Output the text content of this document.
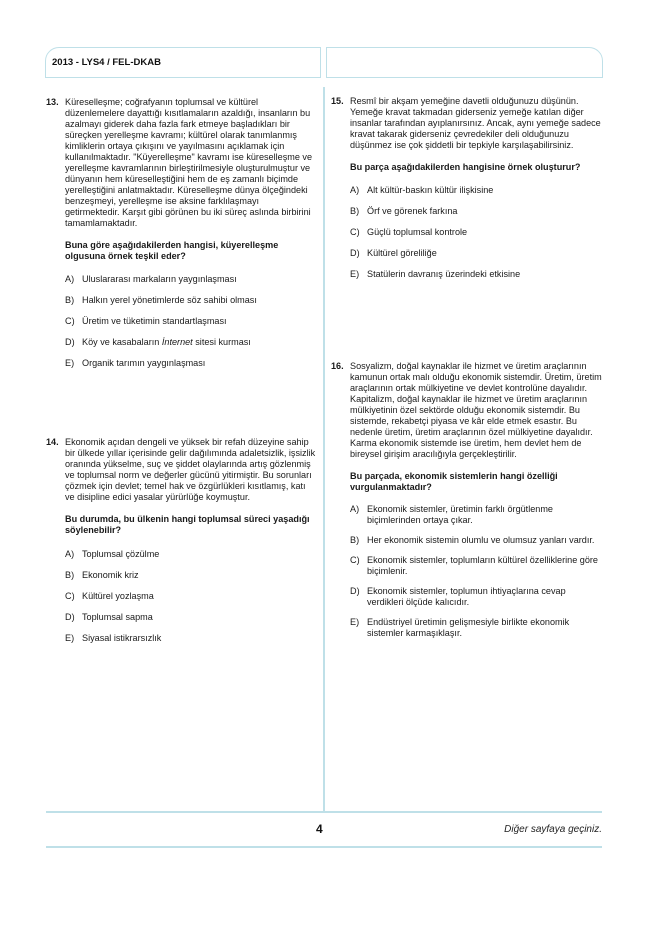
2013 - LYS4 / FEL-DKAB
13. Küreselleşme; coğrafyanın toplumsal ve kültürel düzenlemelere dayattığı kısıtlamaların azaldığı, insanların bu azalmayı giderek daha fazla fark etmeye başladıkları bir süreçken yerelleşme kavramı; kültürel olarak tanımlanmış kimliklerin ortaya çıkışını ve yayılmasını açıklamak için kullanılmaktadır. "Küyerelleşme" kavramı ise küreselleşme ve yerelleşme kavramlarının birleştirilmesiyle oluşturulmuştur ve dünyanın hem küreselleştiğini hem de eş zamanlı biçimde yerelleştiğini anlatmaktadır. Küreselleşme dünya ölçeğindeki benzeşmeyi, yerelleşme ise aksine farklılaşmayı getirmektedir. Karşıt gibi görünen bu iki süreç aslında birbirini tamamlamaktadır.

Buna göre aşağıdakilerden hangisi, küyerelleşme olgusuna örnek teşkil eder?

A) Uluslararası markaların yaygınlaşması
B) Halkın yerel yönetimlerde söz sahibi olması
C) Üretim ve tüketimin standartlaşması
D) Köy ve kasabaların İnternet sitesi kurması
E) Organik tarımın yaygınlaşması
14. Ekonomik açıdan dengeli ve yüksek bir refah düzeyine sahip bir ülkede yıllar içerisinde gelir dağılımında adaletsizlik, işsizlik oranında yükselme, suç ve şiddet olaylarında artış gözlenmiş ve toplumsal norm ve değerler gücünü yitirmiştir. Bu sorunları çözmek için devlet; temel hak ve özgürlükleri kısıtlamış, katı ve disipline edici yasalar yürürlüğe koymuştur.

Bu durumda, bu ülkenin hangi toplumsal süreci yaşadığı söylenebilir?

A) Toplumsal çözülme
B) Ekonomik kriz
C) Kültürel yozlaşma
D) Toplumsal sapma
E) Siyasal istikrarsızlık
15. Resmî bir akşam yemeğine davetli olduğunuzu düşünün. Yemeğe kravat takmadan giderseniz yemeğe katılan diğer insanlar tarafından ayıplanırsınız. Ancak, aynı yemeğe sadece kravat takarak giderseniz çevredekiler deli olduğunuzu düşünmez ise çok şiddetli bir tepkiyle karşılaşabilirsiniz.

Bu parça aşağıdakilerden hangisine örnek oluşturur?

A) Alt kültür-baskın kültür ilişkisine
B) Örf ve görenek farkına
C) Güçlü toplumsal kontrole
D) Kültürel göreliliğe
E) Statülerin davranış üzerindeki etkisine
16. Sosyalizm, doğal kaynaklar ile hizmet ve üretim araçlarının kamunun ortak malı olduğu ekonomik sistemdir. Üretim, üretim araçlarının ortak mülkiyetine ve devlet kontrolüne dayalıdır. Kapitalizm, doğal kaynaklar ile hizmet ve üretim araçlarının mülkiyetinin özel sektörde olduğu ekonomik sistemdir. Bu sistemde, rekabetçi piyasa ve kâr elde etmek esastır. Bu nedenle üretim, üretim araçlarının özel mülkiyetine dayalıdır. Karma ekonomik sistemde ise üretim, hem devlet hem de bireysel girişim aracılığıyla gerçekleştirilir.

Bu parçada, ekonomik sistemlerin hangi özelliği vurgulanmaktadır?

A) Ekonomik sistemler, üretimin farklı örgütlenme biçimlerinden ortaya çıkar.
B) Her ekonomik sistemin olumlu ve olumsuz yanları vardır.
C) Ekonomik sistemler, toplumların kültürel özelliklerine göre biçimlenir.
D) Ekonomik sistemler, toplumun ihtiyaçlarına cevap verdikleri ölçüde kalıcıdır.
E) Endüstriyel üretimin gelişmesiyle birlikte ekonomik sistemler karmaşıklaşır.
4	Diğer sayfaya geçiniz.
